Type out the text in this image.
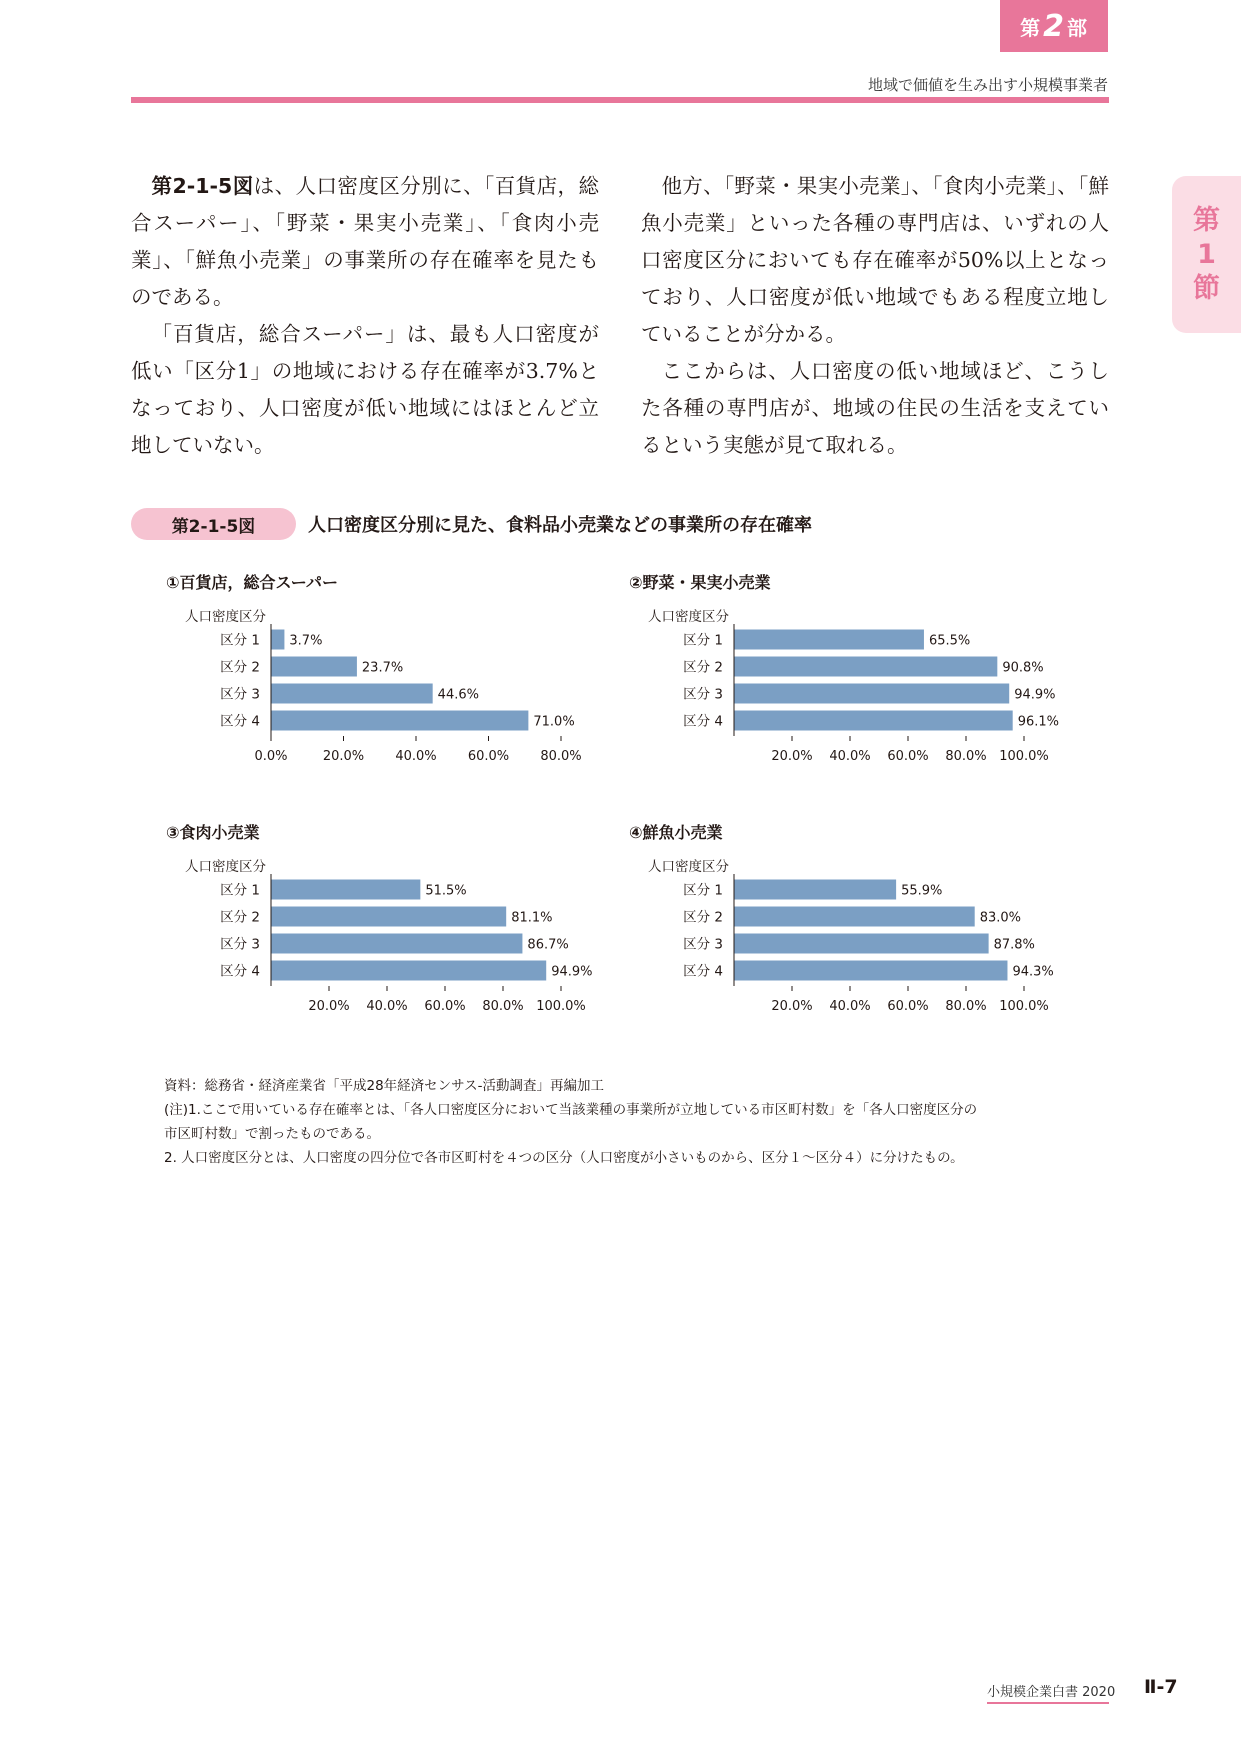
第 2 部
地域で価値を生み出す小規模事業者
第
1
節

第2-1-5図は、人口密度区分別に、「百貨店，総合スーパー」、「野菜・果実小売業」、「食肉小売業」、「鮮魚小売業」の事業所の存在確率を見たものである。

「百貨店，総合スーパー」は、最も人口密度が低い「区分1」の地域における存在確率が3.7%となっており、人口密度が低い地域にはほとんど立地していない。

他方、「野菜・果実小売業」、「食肉小売業」、「鮮魚小売業」といった各種の専門店は、いずれの人口密度区分においても存在確率が50%以上となっており、人口密度が低い地域でもある程度立地していることが分かる。

ここからは、人口密度の低い地域ほど、こうした各種の専門店が、地域の住民の生活を支えているという実態が見て取れる。

第2-1-5図	人口密度区分別に見た、食料品小売業などの事業所の存在確率
①百貨店，総合スーパー
人口密度区分
区分 1 3.7%
区分 2	23.7%
区分 3	44.6%
区分 4	71.0%
0.0%	20.0% 40.0% 60.0% 80.0%
②野菜・果実小売業
人口密度区分
区分 1	65.5%
区分 2	90.8%
区分 3	94.9%
区分 4	96.1%
20.0% 40.0% 60.0% 80.0% 100.0%
③食肉小売業
人口密度区分
区分 1	51.5%
区分 2	81.1%
区分 3	86.7%
区分 4	94.9%
20.0% 40.0% 60.0% 80.0% 100.0%
④鮮魚小売業
人口密度区分
区分 1	55.9%
区分 2	83.0%
区分 3	87.8%
区分 4	94.3%
20.0% 40.0% 60.0% 80.0% 100.0%
資料：総務省・経済産業省「平成28年経済センサス-活動調査」再編加工
(注)1.ここで用いている存在確率とは、「各人口密度区分において当該業種の事業所が立地している市区町村数」を「各人口密度区分の
市区町村数」で割ったものである。
2. 人口密度区分とは、人口密度の四分位で各市区町村を４つの区分（人口密度が小さいものから、区分１～区分４）に分けたもの。
小規模企業白書 2020 Ⅱ-7
